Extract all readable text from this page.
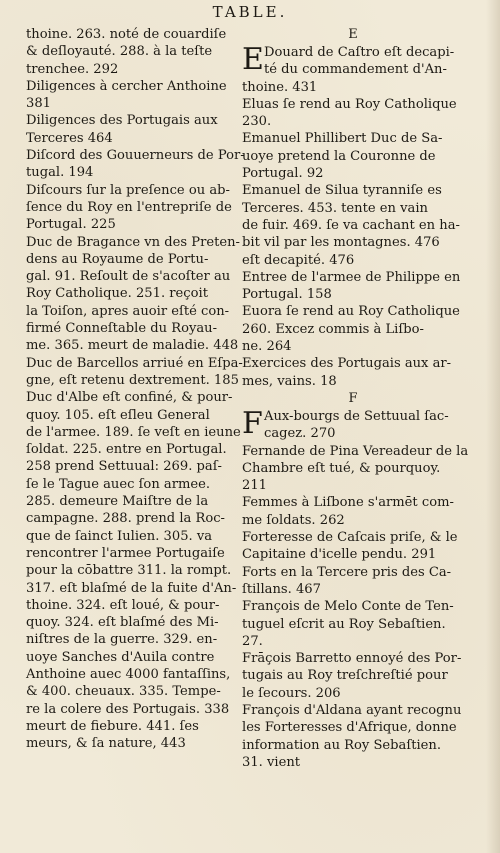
TABLE.
thoine. 263. noté de couardiſe
& deſloyauté. 288. à la teſte
trenchee. 292
Diligences à cercher Anthoine
381
Diligences des Portugais aux
Terceres 464
Diſcord des Gouuerneurs de Por-
tugal. 194
Diſcours ſur la preſence ou ab-
ſence du Roy en l'entrepriſe de
Portugal. 225
Duc de Bragance vn des Preten-
dens au Royaume de Portu-
gal. 91. Reſoult de s'acoſter au
Roy Catholique. 251. reçoit
la Toiſon, apres auoir eſté con-
firmé Conneſtable du Royau-
me. 365. meurt de maladie. 448
Duc de Barcellos arriué en Eſpa-
gne, eſt retenu dextrement. 185
Duc d'Albe eſt confiné, & pour-
quoy. 105. eſt eſleu General
de l'armee. 189. ſe veſt en ieune
ſoldat. 225. entre en Portugal.
258 prend Settuual: 269. paſ-
ſe le Tague auec ſon armee.
285. demeure Maiſtre de la
campagne. 288. prend la Roc-
que de ſainct Iulien. 305. va
rencontrer l'armee Portugaiſe
pour la cōbattre 311. la rompt.
317. eſt blaſmé de la fuite d'An-
thoine. 324. eſt loué, & pour-
quoy. 324. eſt blaſmé des Mi-
niſtres de la guerre. 329. en-
uoye Sanches d'Auila contre
Anthoine auec 4000 fantaſſins,
& 400. cheuaux. 335. Tempe-
re la colere des Portugais. 338
meurt de fiebure. 441. ſes
meurs, & ſa nature, 443
E
E Douard de Caſtro eſt decapi-
té du commandement d'An-
thoine. 431
Eluas ſe rend au Roy Catholique
230.
Emanuel Phillibert Duc de Sa-
uoye pretend la Couronne de
Portugal. 92
Emanuel de Silua tyranniſe es
Terceres. 453. tente en vain
de fuir. 469. ſe va cachant en ha-
bit vil par les montagnes. 476
eſt decapité. 476
Entree de l'armee de Philippe en
Portugal. 158
Euora ſe rend au Roy Catholique
260. Excez commis à Liſbo-
ne. 264
Exercices des Portugais aux ar-
mes, vains. 18
F
F Aux-bourgs de Settuual ſac-
cagez. 270
Fernande de Pina Vereadeur de la
Chambre eſt tué, & pourquoy.
211
Femmes à Liſbone s'armēt com-
me ſoldats. 262
Forteresse de Caſcais priſe, & le
Capitaine d'icelle pendu. 291
Forts en la Tercere pris des Ca-
ſtillans. 467
François de Melo Conte de Ten-
tuguel eſcrit au Roy Sebaſtien.
27.
Frāçois Barretto ennoyé des Por-
tugais au Roy treſchreſtié pour
le ſecours. 206
François d'Aldana ayant recognu
les Forteresses d'Afrique, donne
information au Roy Sebaſtien.
31. vient
